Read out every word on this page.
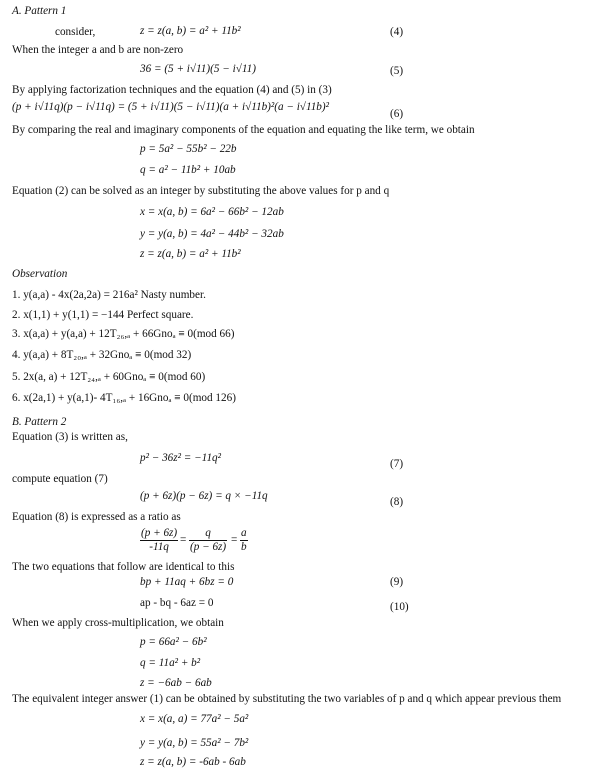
A. Pattern 1
consider,	z = z(a, b) = a² + 11b²	(4)
When the integer a and b are non-zero
36 = (5 + i√11)(5 − i√11)	(5)
By applying factorization techniques and the equation (4) and (5) in (3)
(p + i√11q)(p − i√11q) = (5 + i√11)(5 − i√11)(a + i√11b)²(a − i√11b)²
(6)
By comparing the real and imaginary components of the equation and equating the like term, we obtain
p = 5a² − 55b² − 22b
q = a² − 11b² + 10ab
Equation (2) can be solved as an integer by substituting the above values for p and q
x = x(a, b) = 6a² − 66b² − 12ab
y = y(a, b) = 4a² − 44b² − 32ab
z = z(a, b) = a² + 11b²
Observation
1. y(a,a) - 4x(2a,2a) = 216a² Nasty number.
2. x(1,1) + y(1,1) = −144 Perfect square.
3. x(a,a) + y(a,a) + 12T₂₆,ₐ + 66Gnoₐ ≡ 0(mod 66)
4. y(a,a) + 8T₂₀,ₐ + 32Gnoₐ ≡ 0(mod 32)
5. 2x(a, a) + 12T₂₄,ₐ + 60Gnoₐ ≡ 0(mod 60)
6. x(2a,1) + y(a,1)- 4T₁₆,ₐ + 16Gnoₐ ≡ 0(mod 126)
B. Pattern 2
Equation (3) is written as,
p² − 36z² = −11q²	(7)
compute equation (7)
(p + 6z)(p − 6z) = q × −11q	(8)
Equation (8) is expressed as a ratio as
$\frac{(p + 6z)}{-11q} = \frac{q}{(p - 6z)} = \frac{a}{b}$
The two equations that follow are identical to this
bp + 11aq + 6bz = 0	(9)
ap - bq - 6az = 0	(10)
When we apply cross-multiplication, we obtain
p = 66a² − 6b²
q = 11a² + b²
z = −6ab − 6ab
The equivalent integer answer (1) can be obtained by substituting the two variables of p and q which appear previous them
x = x(a, a) = 77a² − 5a²
y = y(a, b) = 55a² − 7b²
z = z(a, b) = -6ab - 6ab
